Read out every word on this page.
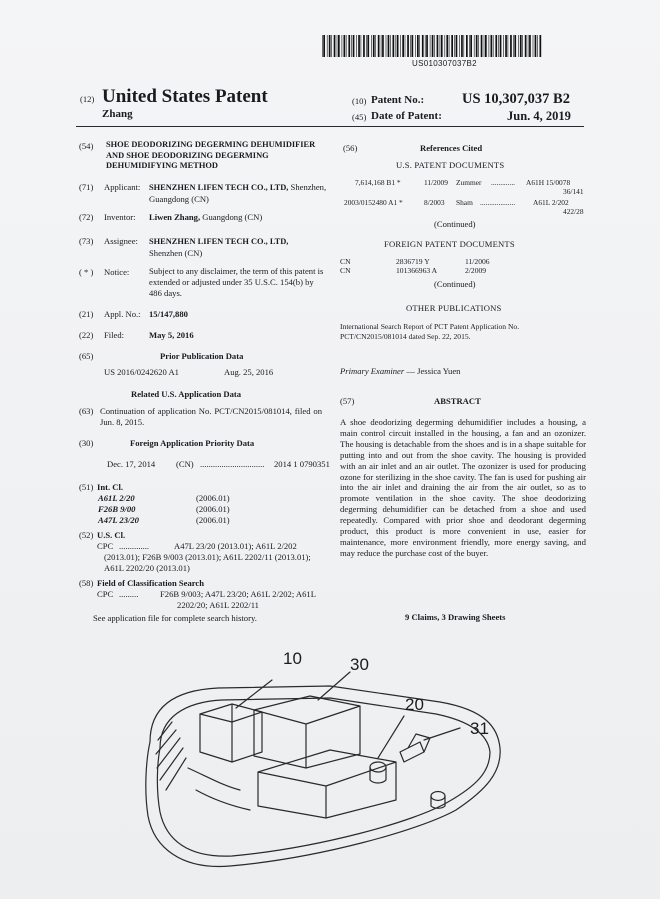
US010307037B2
(12) United States Patent
Zhang
(10) Patent No.:	US 10,307,037 B2
(45) Date of Patent:	Jun. 4, 2019
(54) SHOE DEODORIZING DEGERMING DEHUMIDIFIER AND SHOE DEODORIZING DEGERMING DEHUMIDIFYING METHOD
(71) Applicant: SHENZHEN LIFEN TECH CO., LTD, Shenzhen, Guangdong (CN)
(72) Inventor: Liwen Zhang, Guangdong (CN)
(73) Assignee: SHENZHEN LIFEN TECH CO., LTD, Shenzhen (CN)
( * ) Notice: Subject to any disclaimer, the term of this patent is extended or adjusted under 35 U.S.C. 154(b) by 486 days.
(21) Appl. No.: 15/147,880
(22) Filed:	May 5, 2016
(65)	Prior Publication Data
US 2016/0242620 A1	Aug. 25, 2016
Related U.S. Application Data
(63) Continuation of application No. PCT/CN2015/081014, filed on Jun. 8, 2015.
(30)	Foreign Application Priority Data
Dec. 17, 2014 (CN) .............................. 2014 1 0790351
(51) Int. Cl.
A61L 2/20	(2006.01)
F26B 9/00	(2006.01)
A47L 23/20	(2006.01)
(52) U.S. Cl.
CPC ..............	A47L 23/20 (2013.01); A61L 2/202 (2013.01); F26B 9/003 (2013.01); A61L 2202/11 (2013.01); A61L 2202/20 (2013.01)
(58) Field of Classification Search
CPC .........	F26B 9/003; A47L 23/20; A61L 2/202; A61L 2202/20; A61L 2202/11
See application file for complete search history.
(56)	References Cited
U.S. PATENT DOCUMENTS
7,614,168 B1 *	11/2009 Zummer ............. A61H 15/0078
36/141
2003/0152480 A1 *	8/2003 Sham ................... A61L 2/202
422/28
(Continued)
FOREIGN PATENT DOCUMENTS
CN	2836719 Y	11/2006
CN	101366963 A	2/2009
(Continued)
OTHER PUBLICATIONS
International Search Report of PCT Patent Application No. PCT/CN2015/081014 dated Sep. 22, 2015.
Primary Examiner — Jessica Yuen
(57)	ABSTRACT
A shoe deodorizing degerming dehumidifier includes a housing, a main control circuit installed in the housing, a fan and an ozonizer. The housing is detachable from the shoes and is in a shape suitable for putting into and out from the shoe cavity. The housing is provided with an air inlet and an air outlet. The ozonizer is used for producing ozone for sterilizing in the shoe cavity. The fan is used for pushing air into the air inlet and draining the air from the air outlet, so as to promote ventilation in the shoe cavity. The shoe deodorizing degerming dehumidifier can be detached from a shoe and used repeatedly. Compared with prior shoe and deodorant degerming product, this product is more convenient in use, easier for maintenance, more environment friendly, more energy saving, and may reduce the purchase cost of the buyer.
9 Claims, 3 Drawing Sheets
10	30
20
31
